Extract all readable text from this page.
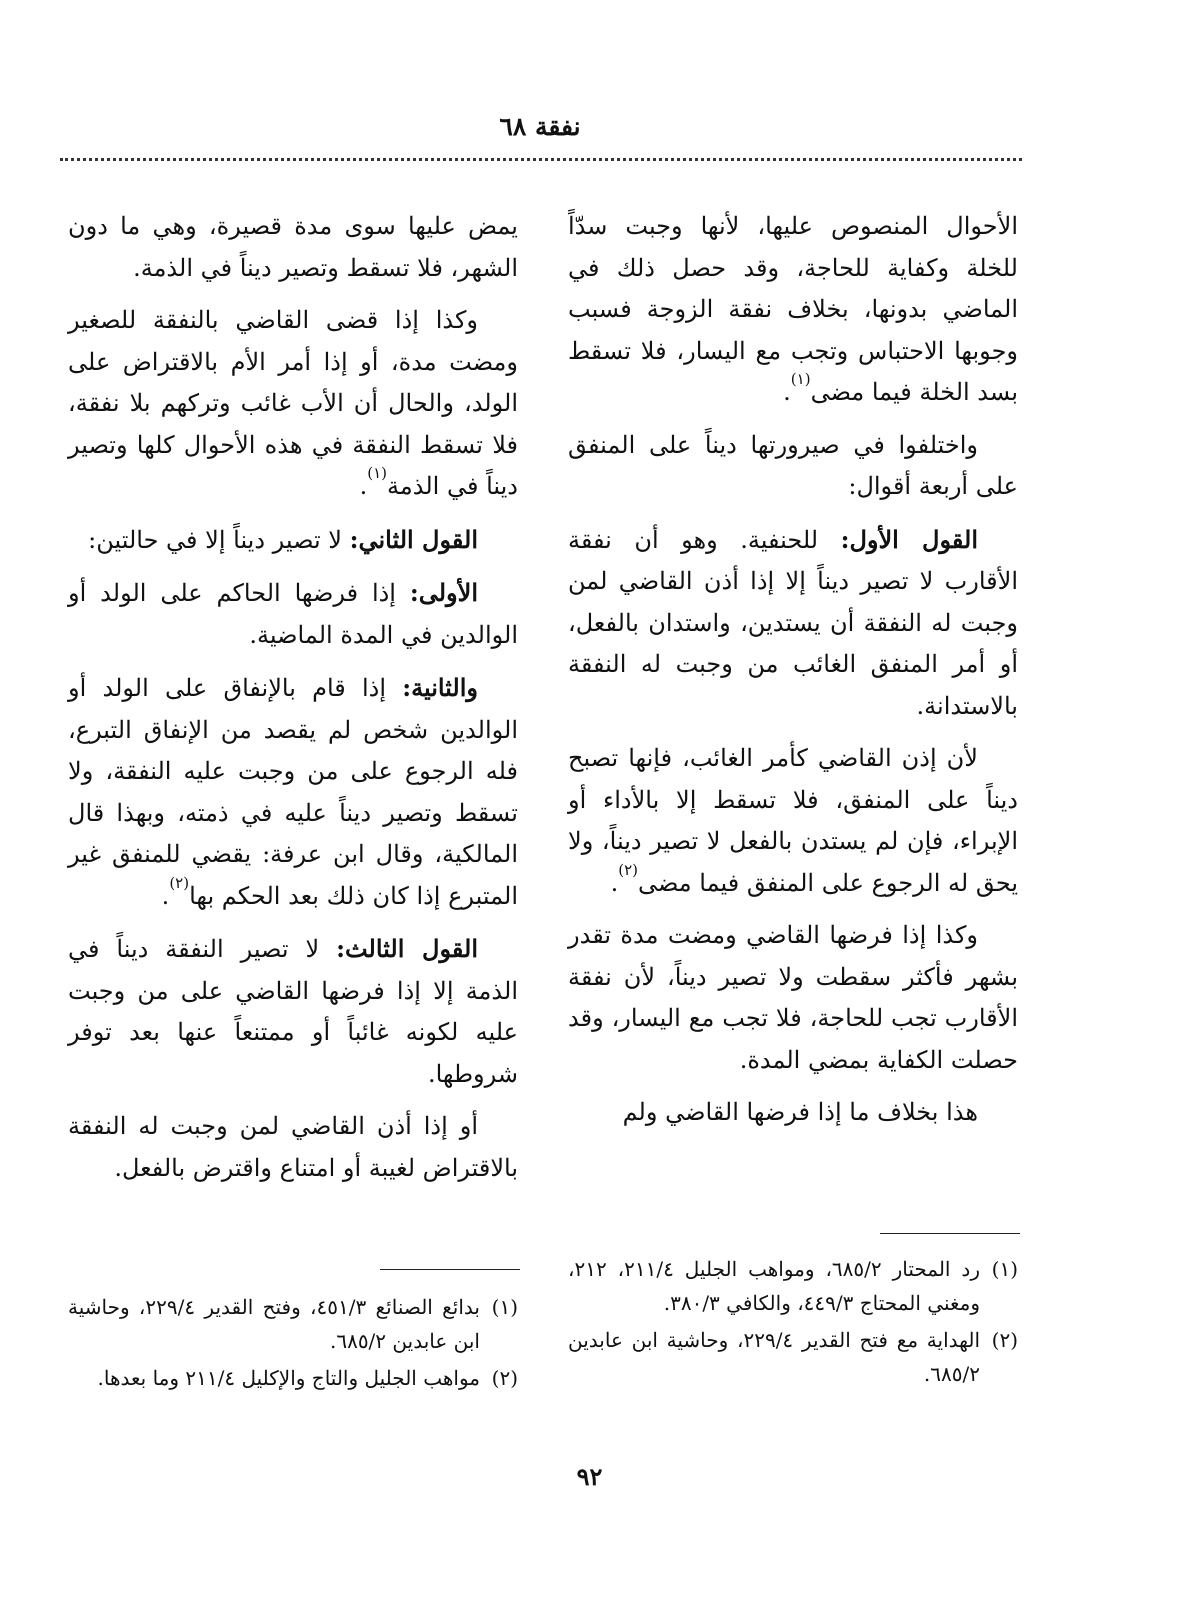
نفقة ٦٨

الأحوال المنصوص عليها، لأنها وجبت سدّاً للخلة وكفاية للحاجة، وقد حصل ذلك في الماضي بدونها، بخلاف نفقة الزوجة فسبب وجوبها الاحتباس وتجب مع اليسار، فلا تسقط بسد الخلة فيما مضى$^{(١)}$.

واختلفوا في صيرورتها ديناً على المنفق على أربعة أقوال:

القول الأول: للحنفية. وهو أن نفقة الأقارب لا تصير ديناً إلا إذا أذن القاضي لمن وجبت له النفقة أن يستدين، واستدان بالفعل، أو أمر المنفق الغائب من وجبت له النفقة بالاستدانة.

لأن إذن القاضي كأمر الغائب، فإنها تصبح ديناً على المنفق، فلا تسقط إلا بالأداء أو الإبراء، فإن لم يستدن بالفعل لا تصير ديناً، ولا يحق له الرجوع على المنفق فيما مضى$^{(٢)}$.

وكذا إذا فرضها القاضي ومضت مدة تقدر بشهر فأكثر سقطت ولا تصير ديناً، لأن نفقة الأقارب تجب للحاجة، فلا تجب مع اليسار، وقد حصلت الكفاية بمضي المدة.

هذا بخلاف ما إذا فرضها القاضي ولم

يمض عليها سوى مدة قصيرة، وهي ما دون الشهر، فلا تسقط وتصير ديناً في الذمة.

وكذا إذا قضى القاضي بالنفقة للصغير ومضت مدة، أو إذا أمر الأم بالاقتراض على الولد، والحال أن الأب غائب وتركهم بلا نفقة، فلا تسقط النفقة في هذه الأحوال كلها وتصير ديناً في الذمة$^{(١)}$.

القول الثاني: لا تصير ديناً إلا في حالتين:

الأولى: إذا فرضها الحاكم على الولد أو الوالدين في المدة الماضية.

والثانية: إذا قام بالإنفاق على الولد أو الوالدين شخص لم يقصد من الإنفاق التبرع، فله الرجوع على من وجبت عليه النفقة، ولا تسقط وتصير ديناً عليه في ذمته، وبهذا قال المالكية، وقال ابن عرفة: يقضي للمنفق غير المتبرع إذا كان ذلك بعد الحكم بها$^{(٢)}$.

القول الثالث: لا تصير النفقة ديناً في الذمة إلا إذا فرضها القاضي على من وجبت عليه لكونه غائباً أو ممتنعاً عنها بعد توفر شروطها.

أو إذا أذن القاضي لمن وجبت له النفقة بالاقتراض لغيبة أو امتناع واقترض بالفعل.

(١)
رد المحتار ٦٨٥/٢، ومواهب الجليل ٢١١/٤، ٢١٢، ومغني المحتاج ٤٤٩/٣، والكافي ٣٨٠/٣.
(٢)
الهداية مع فتح القدير ٢٢٩/٤، وحاشية ابن عابدين ٦٨٥/٢.
(١)
بدائع الصنائع ٤٥١/٣، وفتح القدير ٢٢٩/٤، وحاشية ابن عابدين ٦٨٥/٢.
(٢)
مواهب الجليل والتاج والإكليل ٢١١/٤ وما بعدها.
٩٢
